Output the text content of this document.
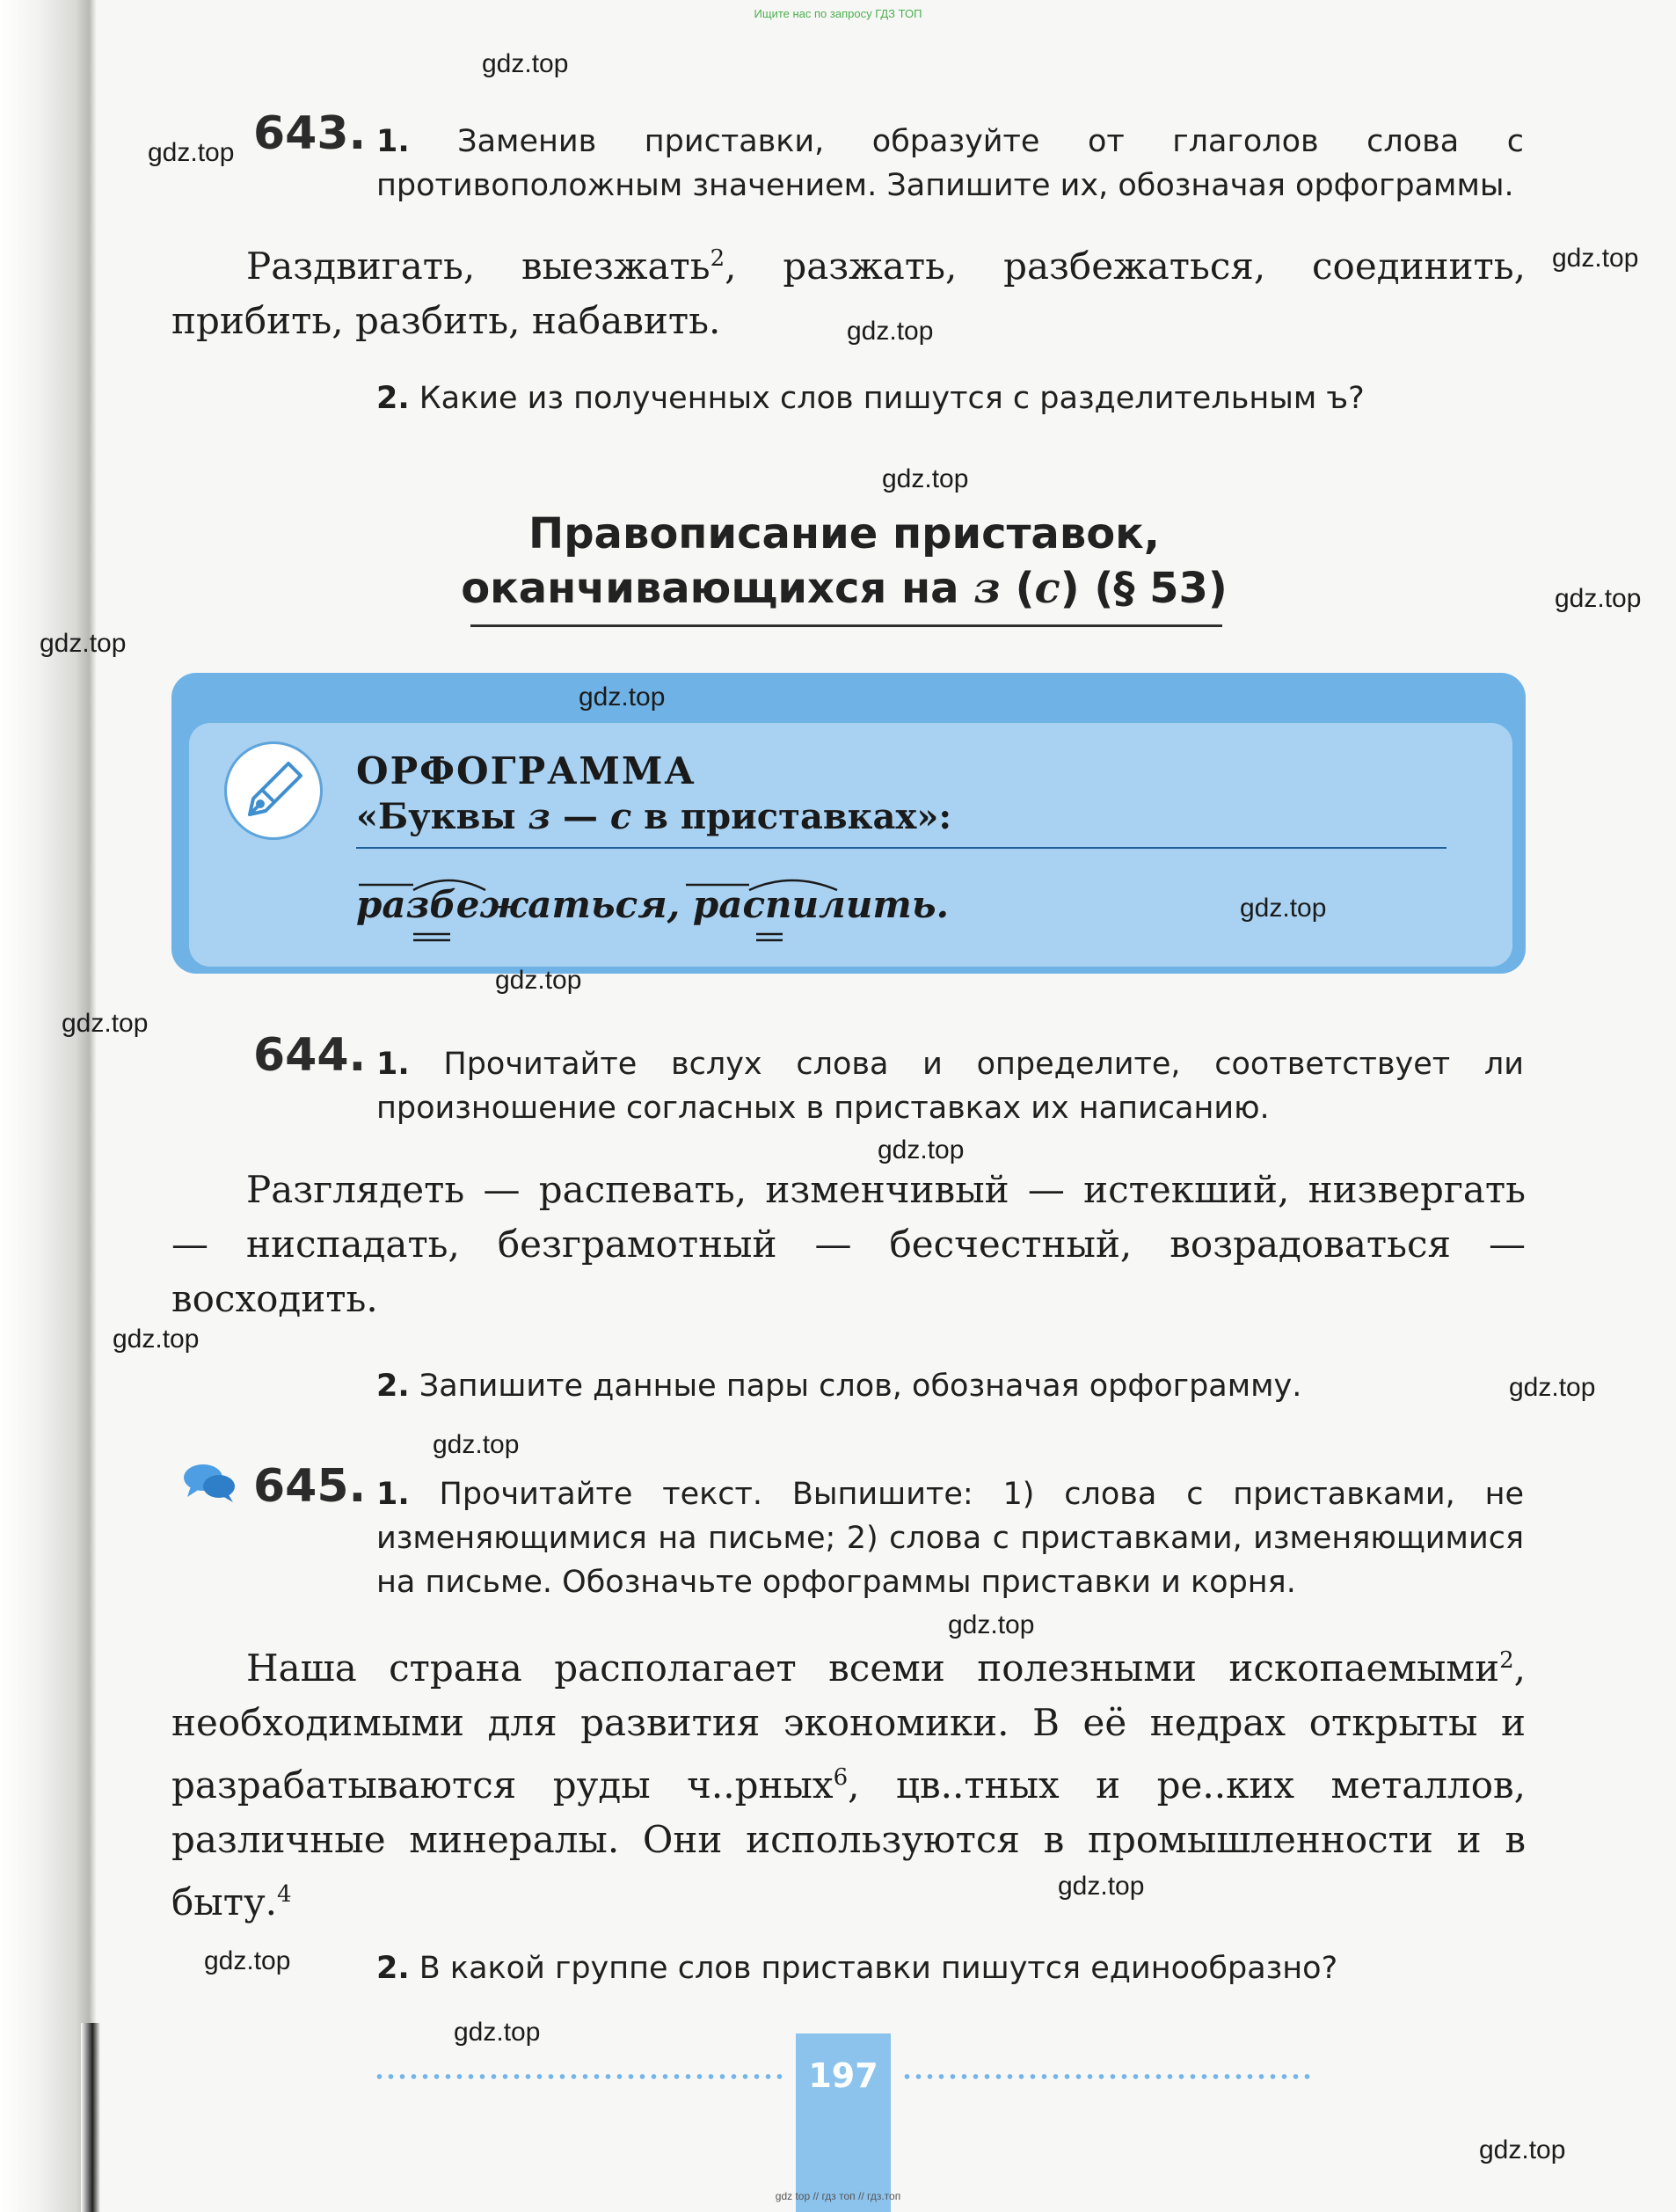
Ищите нас по запросу ГДЗ ТОП
643. 1. Заменив приставки, образуйте от глаголов слова с противоположным значением. Запишите их, обозначая орфограммы.
Раздвигать, выезжать$^2$, разжать, разбежаться, соединить, прибить, разбить, набавить.
2. Какие из полученных слов пишутся с разделительным ъ?
Правописание приставок,
оканчивающихся на з (с) (§ 53)
ОРФОГРАММА
«Буквы з — с в приставках»:
разбежаться, распилить.
644. 1. Прочитайте вслух слова и определите, соответствует ли произношение согласных в приставках их написанию.
Разглядеть — распевать, изменчивый — истекший, низвергать — ниспадать, безграмотный — бесчестный, возрадоваться — восходить.
2. Запишите данные пары слов, обозначая орфограмму.
645. 1. Прочитайте текст. Выпишите: 1) слова с приставками, не изменяющимися на письме; 2) слова с приставками, изменяющимися на письме. Обозначьте орфограммы приставки и корня.
Наша страна располагает всеми полезными ископаемыми$^2$, необходимыми для развития экономики. В её недрах открыты и разрабатываются руды ч..рных$^6$, цв..тных и ре..ких металлов, различные минералы. Они используются в промышленности и в быту.$^4$
2. В какой группе слов приставки пишутся единообразно?
197
gdz.top
gdz.top
gdz.top
gdz.top
gdz.top
gdz.top
gdz.top
gdz.top
gdz.top
gdz.top
gdz.top
gdz.top
gdz.top
gdz.top
gdz.top
gdz.top
gdz.top
gdz.top
gdz.top
gdz.top
gdz top // гдз топ // гдз.топ
